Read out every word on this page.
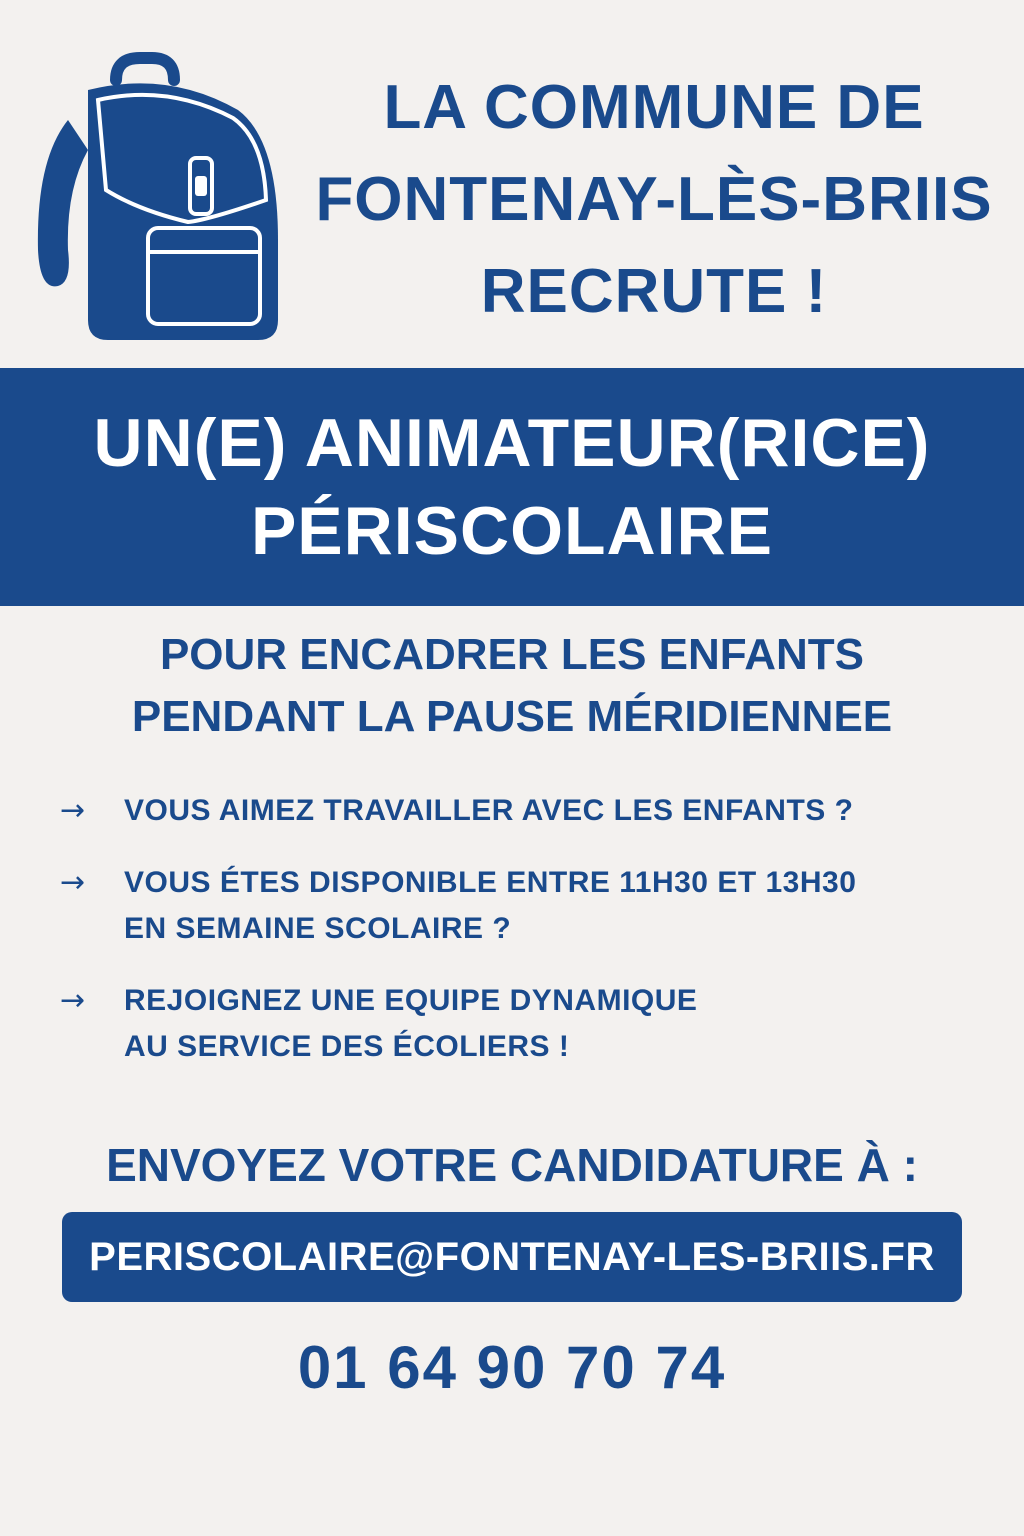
LA COMMUNE DE
FONTENAY-LÈS-BRIIS
RECRUTE !
UN(E) ANIMATEUR(RICE)
PÉRISCOLAIRE
POUR ENCADRER LES ENFANTS
PENDANT LA PAUSE MÉRIDIENNEE
→	VOUS AIMEZ TRAVAILLER AVEC LES ENFANTS ?
→	VOUS ÉTES DISPONIBLE ENTRE 11H30 ET 13H30
EN SEMAINE SCOLAIRE ?
→	REJOIGNEZ UNE EQUIPE DYNAMIQUE
AU SERVICE DES ÉCOLIERS !
ENVOYEZ VOTRE CANDIDATURE À :
PERISCOLAIRE@FONTENAY-LES-BRIIS.FR
01 64 90 70 74
